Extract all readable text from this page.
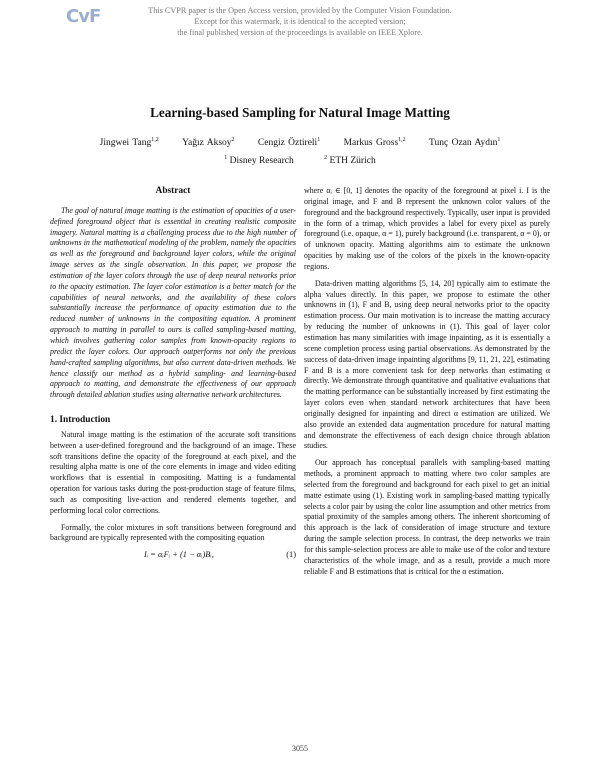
This CVPR paper is the Open Access version, provided by the Computer Vision Foundation.
Except for this watermark, it is identical to the accepted version;
the final published version of the proceedings is available on IEEE Xplore.
CvF
Learning-based Sampling for Natural Image Matting
Jingwei Tang$^{1,2}$ Yağız Aksoy$^2$ Cengiz Öztireli$^1$ Markus Gross$^{1,2}$ Tunç Ozan Aydın$^1$
$^1$ Disney Research	$^2$ ETH Zürich
Abstract

The goal of natural image matting is the estimation of opacities of a user-defined foreground object that is essential in creating realistic composite imagery. Natural matting is a challenging process due to the high number of unknowns in the mathematical modeling of the problem, namely the opacities as well as the foreground and background layer colors, while the original image serves as the single observation. In this paper, we propose the estimation of the layer colors through the use of deep neural networks prior to the opacity estimation. The layer color estimation is a better match for the capabilities of neural networks, and the availability of these colors substantially increase the performance of opacity estimation due to the reduced number of unknowns in the compositing equation. A prominent approach to matting in parallel to ours is called sampling-based matting, which involves gathering color samples from known-opacity regions to predict the layer colors. Our approach outperforms not only the previous hand-crafted sampling algorithms, but also current data-driven methods. We hence classify our method as a hybrid sampling- and learning-based approach to matting, and demonstrate the effectiveness of our approach through detailed ablation studies using alternative network architectures.

1. Introduction

Natural image matting is the estimation of the accurate soft transitions between a user-defined foreground and the background of an image. These soft transitions define the opacity of the foreground at each pixel, and the resulting alpha matte is one of the core elements in image and video editing workflows that is essential in compositing. Matting is a fundamental operation for various tasks during the post-production stage of feature films, such as compositing live-action and rendered elements together, and performing local color corrections.

Formally, the color mixtures in soft transitions between foreground and background are typically represented with the compositing equation

Iᵢ = αᵢFᵢ + (1 − αᵢ)Bᵢ,	(1)

where αᵢ ∈ [0, 1] denotes the opacity of the foreground at pixel i. I is the original image, and F and B represent the unknown color values of the foreground and the background respectively. Typically, user input is provided in the form of a trimap, which provides a label for every pixel as purely foreground (i.e. opaque, α = 1), purely background (i.e. transparent, α = 0), or of unknown opacity. Matting algorithms aim to estimate the unknown opacities by making use of the colors of the pixels in the known-opacity regions.

Data-driven matting algorithms [5, 14, 20] typically aim to estimate the alpha values directly. In this paper, we propose to estimate the other unknowns in (1), F and B, using deep neural networks prior to the opacity estimation process. Our main motivation is to increase the matting accuracy by reducing the number of unknowns in (1). This goal of layer color estimation has many similarities with image inpainting, as it is essentially a scene completion process using partial observations. As demonstrated by the success of data-driven image inpainting algorithms [9, 11, 21, 22], estimating F and B is a more convenient task for deep networks than estimating α directly. We demonstrate through quantitative and qualitative evaluations that the matting performance can be substantially increased by first estimating the layer colors even when standard network architectures that have been originally designed for inpainting and direct α estimation are utilized. We also provide an extended data augmentation procedure for natural matting and demonstrate the effectiveness of each design choice through ablation studies.

Our approach has conceptual parallels with sampling-based matting methods, a prominent approach to matting where two color samples are selected from the foreground and background for each pixel to get an initial matte estimate using (1). Existing work in sampling-based matting typically selects a color pair by using the color line assumption and other metrics from spatial proximity of the samples among others. The inherent shortcoming of this approach is the lack of consideration of image structure and texture during the sample selection process. In contrast, the deep networks we train for this sample-selection process are able to make use of the color and texture characteristics of the whole image, and as a result, provide a much more reliable F and B estimations that is critical for the α estimation.

3055
